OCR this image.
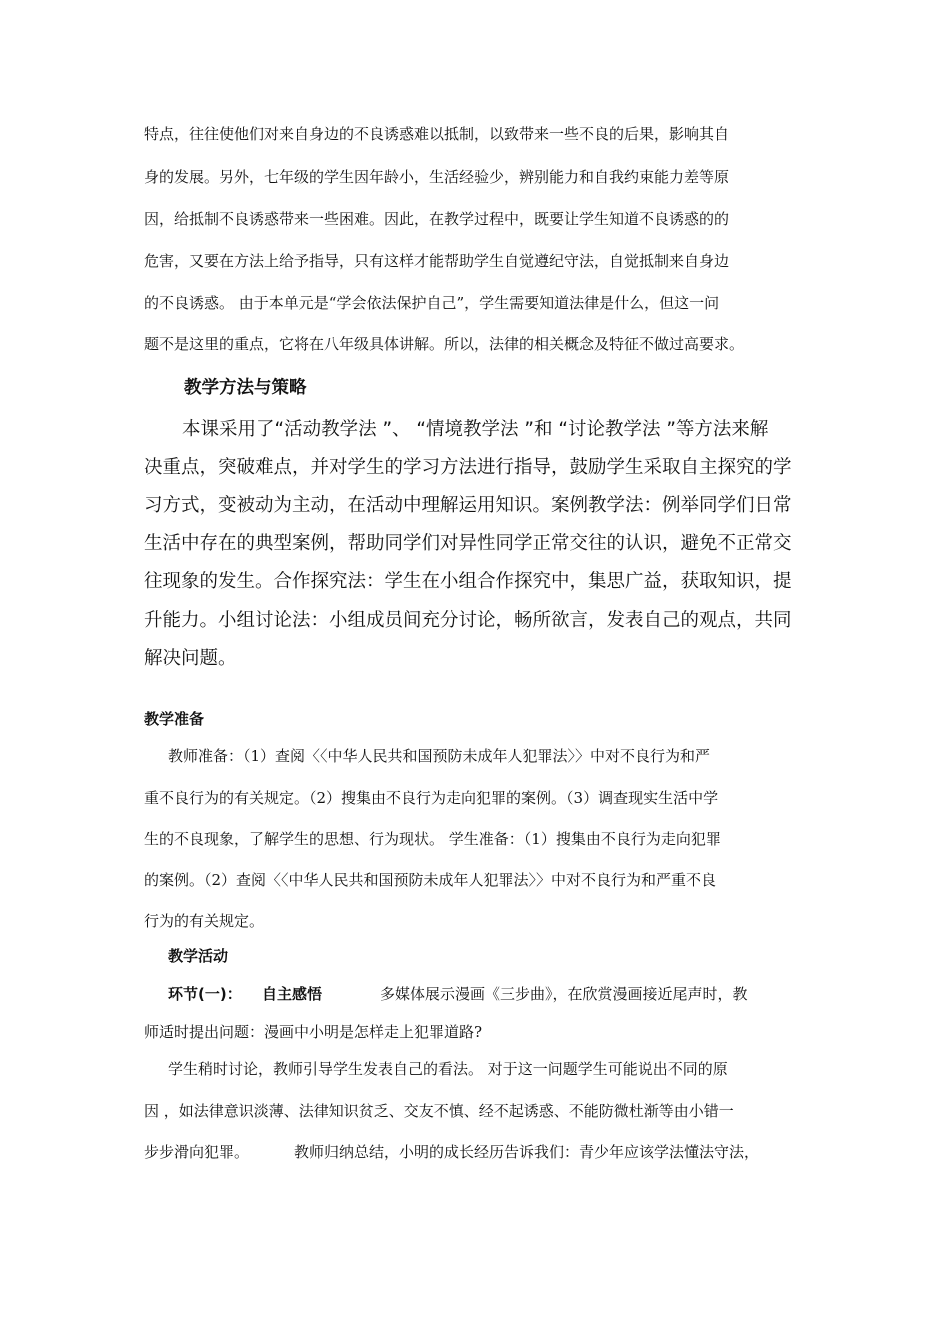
特点，往往使他们对来自身边的不良诱惑难以抵制，以致带来一些不良的后果，影响其自
身的发展。另外，七年级的学生因年龄小，生活经验少，辨别能力和自我约束能力差等原
因，给抵制不良诱惑带来一些困难。因此，在教学过程中，既要让学生知道不良诱惑的的
危害，又要在方法上给予指导，只有这样才能帮助学生自觉遵纪守法，自觉抵制来自身边
的不良诱惑。 由于本单元是“学会依法保护自己”，学生需要知道法律是什么，但这一问
题不是这里的重点，它将在八年级具体讲解。所以，法律的相关概念及特征不做过高要求。
教学方法与策略
本课采用了“活动教学法 ”、 “情境教学法 ”和 “讨论教学法 ”等方法来解
决重点，突破难点，并对学生的学习方法进行指导，鼓励学生采取自主探究的学
习方式，变被动为主动，在活动中理解运用知识。案例教学法：例举同学们日常
生活中存在的典型案例，帮助同学们对异性同学正常交往的认识，避免不正常交
往现象的发生。合作探究法：学生在小组合作探究中，集思广益，获取知识，提
升能力。小组讨论法：小组成员间充分讨论，畅所欲言，发表自己的观点，共同
解决问题。
教学准备
教师准备：（1）查阅〈〈中华人民共和国预防未成年人犯罪法〉〉中对不良行为和严
重不良行为的有关规定。（2）搜集由不良行为走向犯罪的案例。（3）调查现实生活中学
生的不良现象，了解学生的思想、行为现状。 学生准备：（1）搜集由不良行为走向犯罪
的案例。（2）查阅〈〈中华人民共和国预防未成年人犯罪法〉〉中对不良行为和严重不良
行为的有关规定。
教学活动
环节(一)： 自主感悟	多媒体展示漫画《三步曲》，在欣赏漫画接近尾声时，教
师适时提出问题：漫画中小明是怎样走上犯罪道路?
学生稍时讨论，教师引导学生发表自己的看法。 对于这一问题学生可能说出不同的原
因 ，如法律意识淡薄、法律知识贫乏、交友不慎、经不起诱惑、不能防微杜渐等由小错一
步步滑向犯罪。	教师归纳总结，小明的成长经历告诉我们：青少年应该学法懂法守法，
